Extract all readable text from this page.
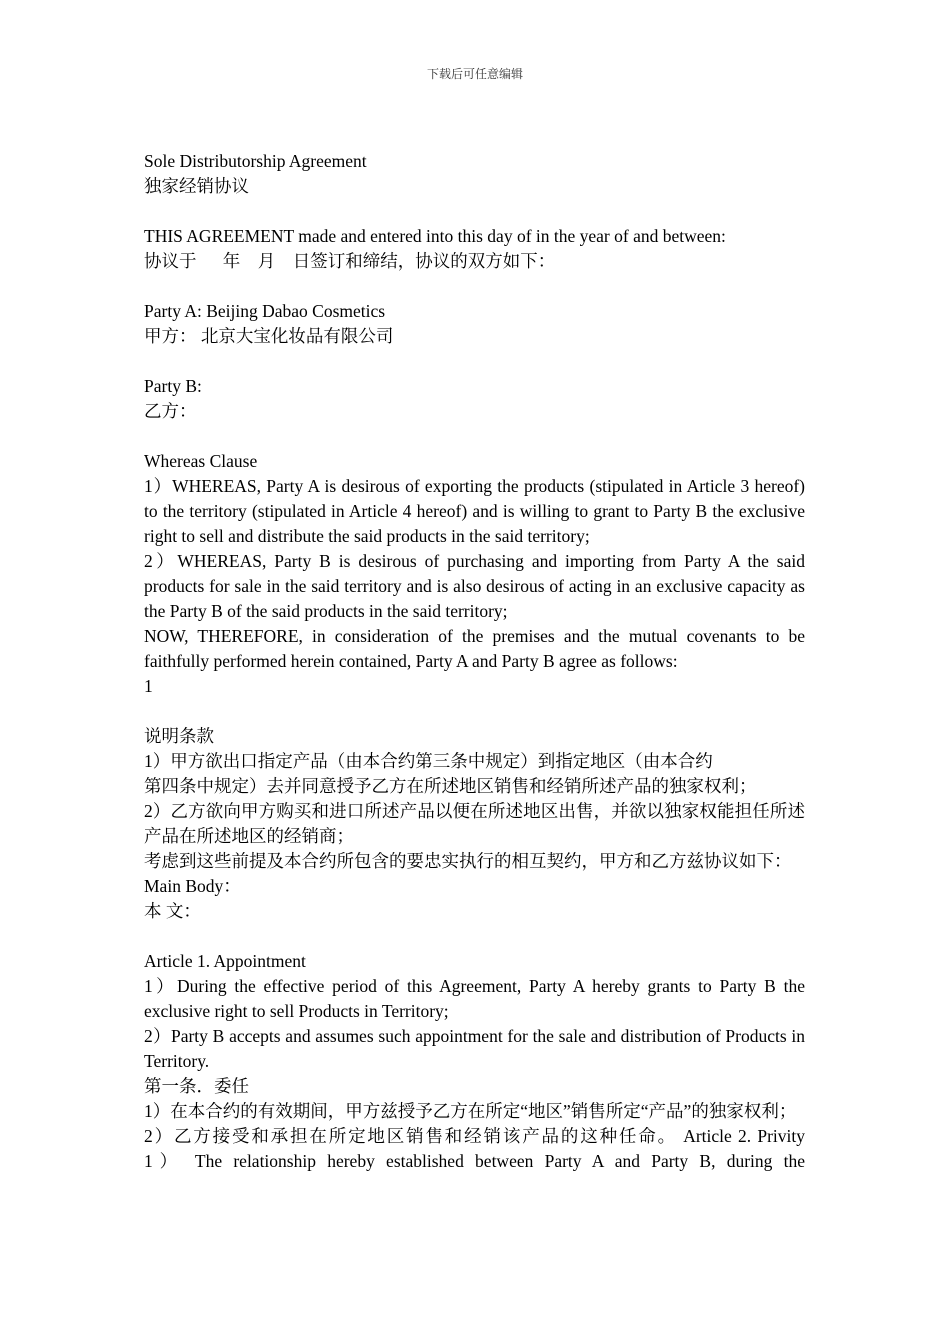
下载后可任意编辑
Sole Distributorship Agreement
独家经销协议
THIS AGREEMENT made and entered into this day of in the year of and between:
协议于　  年　月　日签订和缔结，协议的双方如下：
Party A: Beijing Dabao Cosmetics
甲方： 北京大宝化妆品有限公司
Party B:
乙方：
Whereas Clause
1）WHEREAS, Party A is desirous of exporting the products (stipulated in Article 3 hereof) to the territory (stipulated in Article 4 hereof) and is willing to grant to Party B the exclusive right to sell and distribute the said products in the said territory;
2）WHEREAS, Party B is desirous of purchasing and importing from Party A the said products for sale in the said territory and is also desirous of acting in an exclusive capacity as the Party B of the said products in the said territory;
NOW, THEREFORE, in consideration of the premises and the mutual covenants to be faithfully performed herein contained, Party A and Party B agree as follows:
1
说明条款
1）甲方欲出口指定产品（由本合约第三条中规定）到指定地区（由本合约
第四条中规定）去并同意授予乙方在所述地区销售和经销所述产品的独家权利；
2）乙方欲向甲方购买和进口所述产品以便在所述地区出售，并欲以独家权能担任所述产品在所述地区的经销商；
考虑到这些前提及本合约所包含的要忠实执行的相互契约，甲方和乙方兹协议如下：
Main Body：
本 文：
Article 1. Appointment
1）During the effective period of this Agreement, Party A hereby grants to Party B the exclusive right to sell Products in Territory;
2）Party B accepts and assumes such appointment for the sale and distribution of Products in Territory.
第一条．委任
1）在本合约的有效期间，甲方兹授予乙方在所定“地区”销售所定“产品”的独家权利；
2）乙方接受和承担在所定地区销售和经销该产品的这种任命。 Article 2. Privity
1） The relationship hereby established between Party A and Party B, during the
